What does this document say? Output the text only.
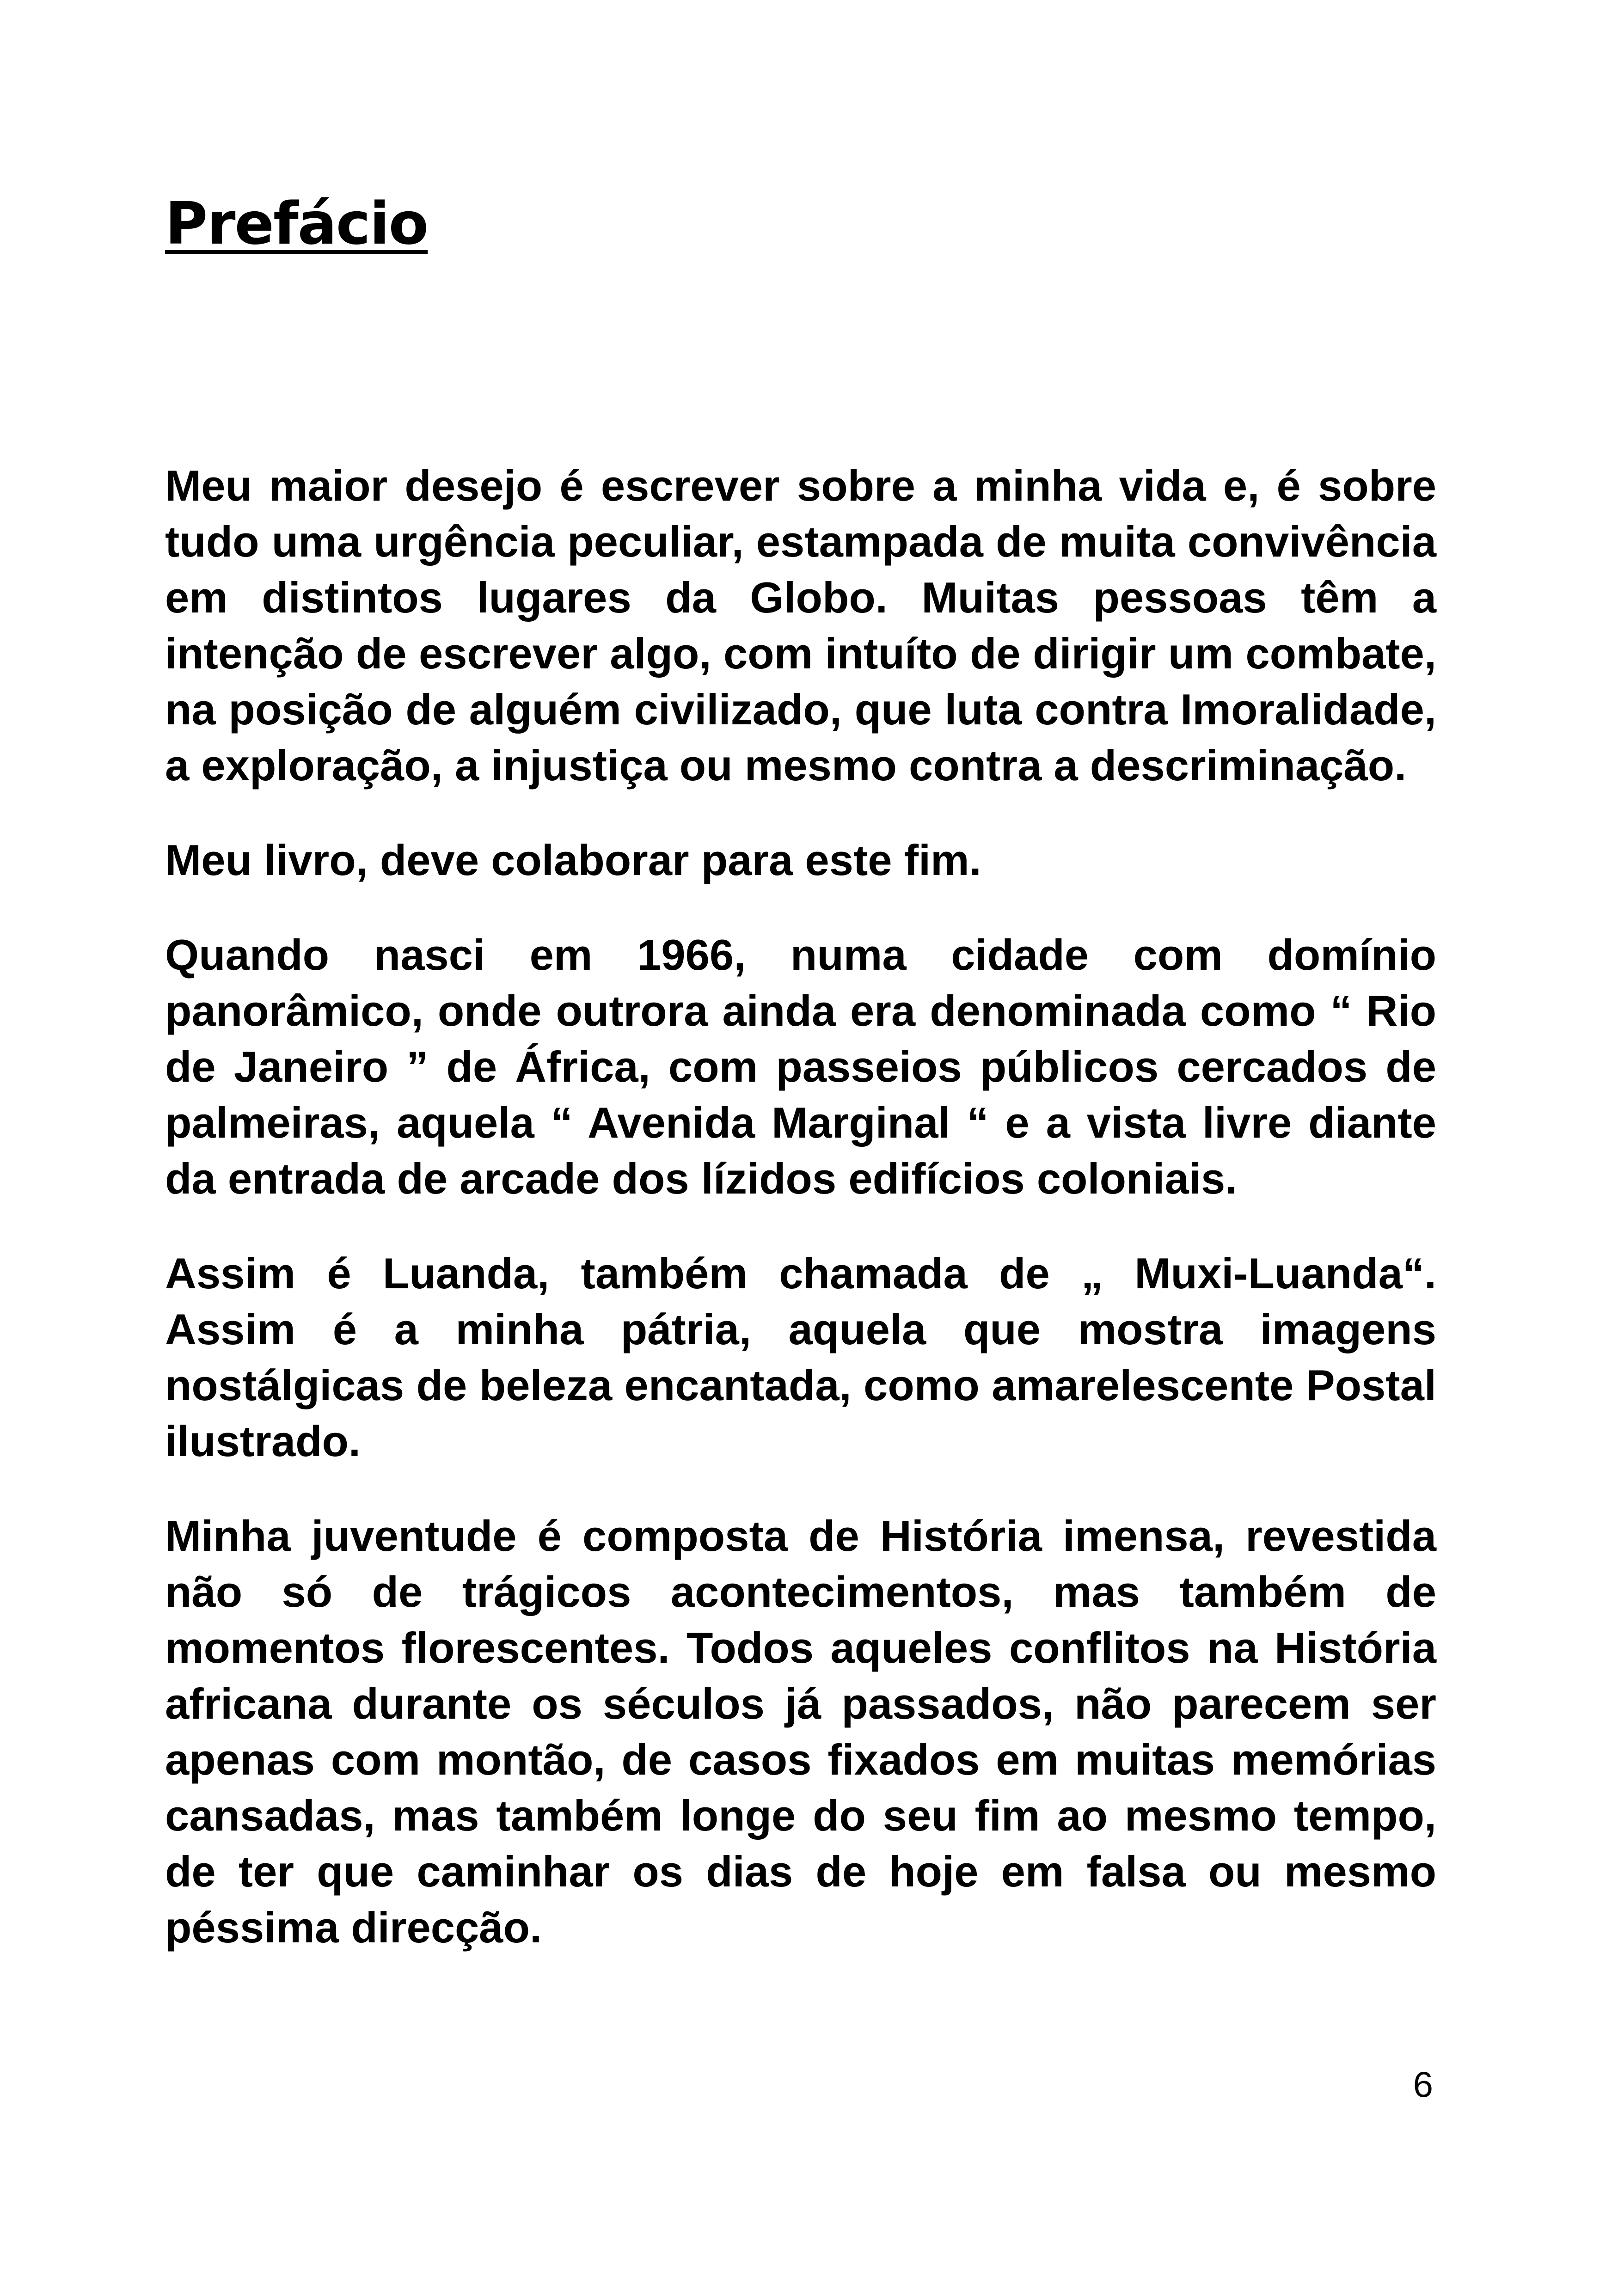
Prefácio

Meu maior desejo é escrever sobre a minha vida e, é sobre tudo uma urgência peculiar, estampada de muita convivência em distintos lugares da Globo. Muitas pessoas têm a intenção de escrever algo, com intuíto de dirigir um combate, na posição de alguém civilizado, que luta contra Imoralidade, a exploração, a injustiça ou mesmo contra a descriminação.

Meu livro, deve colaborar para este fim.

Quando nasci em 1966, numa cidade com domínio panorâmico, onde outrora ainda era denominada como “ Rio de Janeiro ” de África, com passeios públicos cercados de palmeiras, aquela “ Avenida Marginal “ e a vista livre diante da entrada de arcade dos lízidos edifícios coloniais.

Assim é Luanda, também chamada de „ Muxi-Luanda“. Assim é a minha pátria, aquela que mostra imagens nostálgicas de beleza encantada, como amarelescente Postal ilustrado.

Minha juventude é composta de História imensa, revestida não só de trágicos acontecimentos, mas também de momentos florescentes. Todos aqueles conflitos na História africana durante os séculos já passados, não parecem ser apenas com montão, de casos fixados em muitas memórias cansadas, mas também longe do seu fim ao mesmo tempo, de ter que caminhar os dias de hoje em falsa ou mesmo péssima direcção.

6
